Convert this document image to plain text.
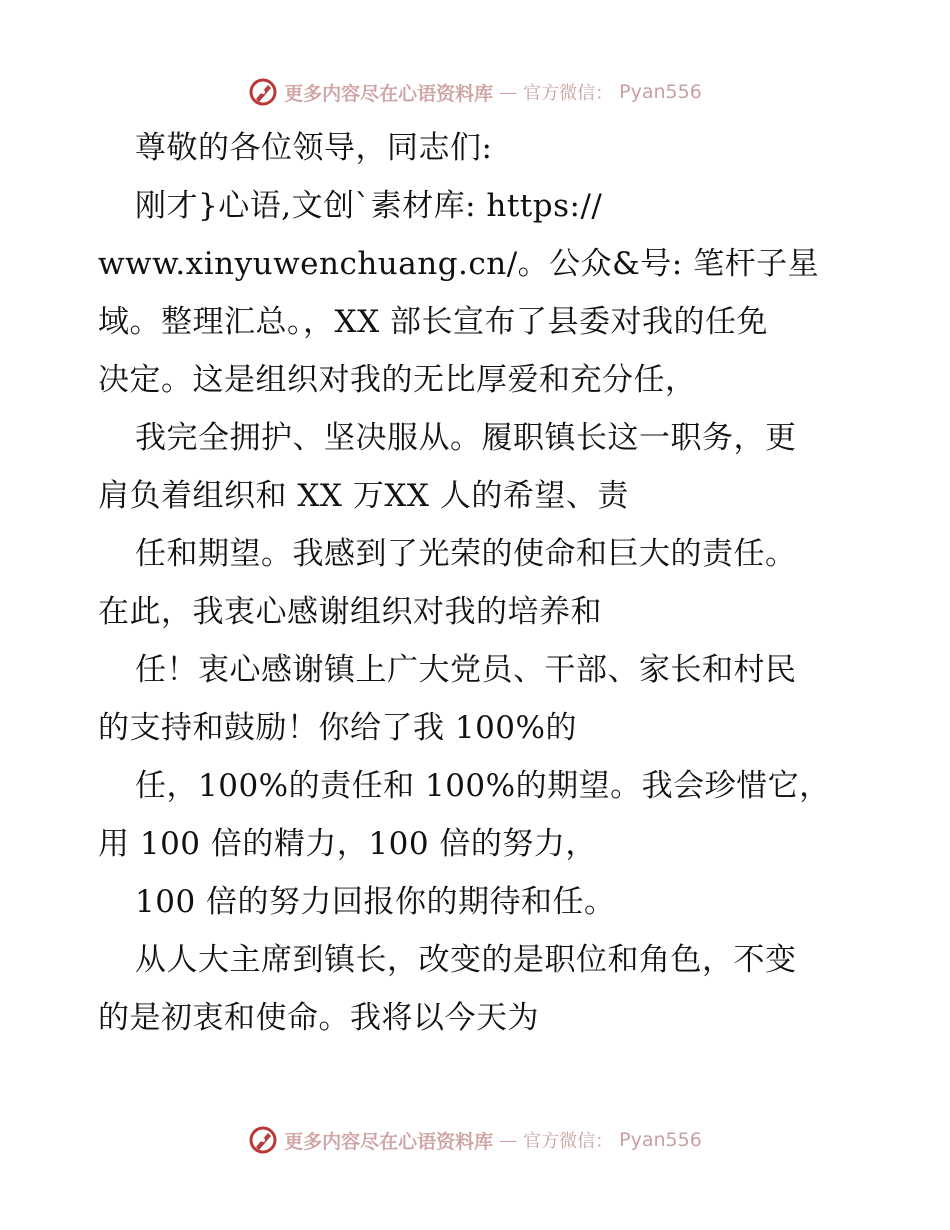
更多内容尽在心语资料库 — 官方微信： Pyan556
尊敬的各位领导，同志们:
刚才}心语,文创`素材库: https://
www.xinyuwenchuang.cn/。公众&号: 笔杆子星
域。整理汇总。，XX 部长宣布了县委对我的任免
决定。这是组织对我的无比厚爱和充分任，
我完全拥护、坚决服从。履职镇长这一职务，更
肩负着组织和 XX 万XX 人的希望、责
任和期望。我感到了光荣的使命和巨大的责任。
在此，我衷心感谢组织对我的培养和
任！衷心感谢镇上广大党员、干部、家长和村民
的支持和鼓励！你给了我 100%的
任，100%的责任和 100%的期望。我会珍惜它，
用 100 倍的精力，100 倍的努力，
100 倍的努力回报你的期待和任。
从人大主席到镇长，改变的是职位和角色，不变
的是初衷和使命。我将以今天为
更多内容尽在心语资料库 — 官方微信： Pyan556
